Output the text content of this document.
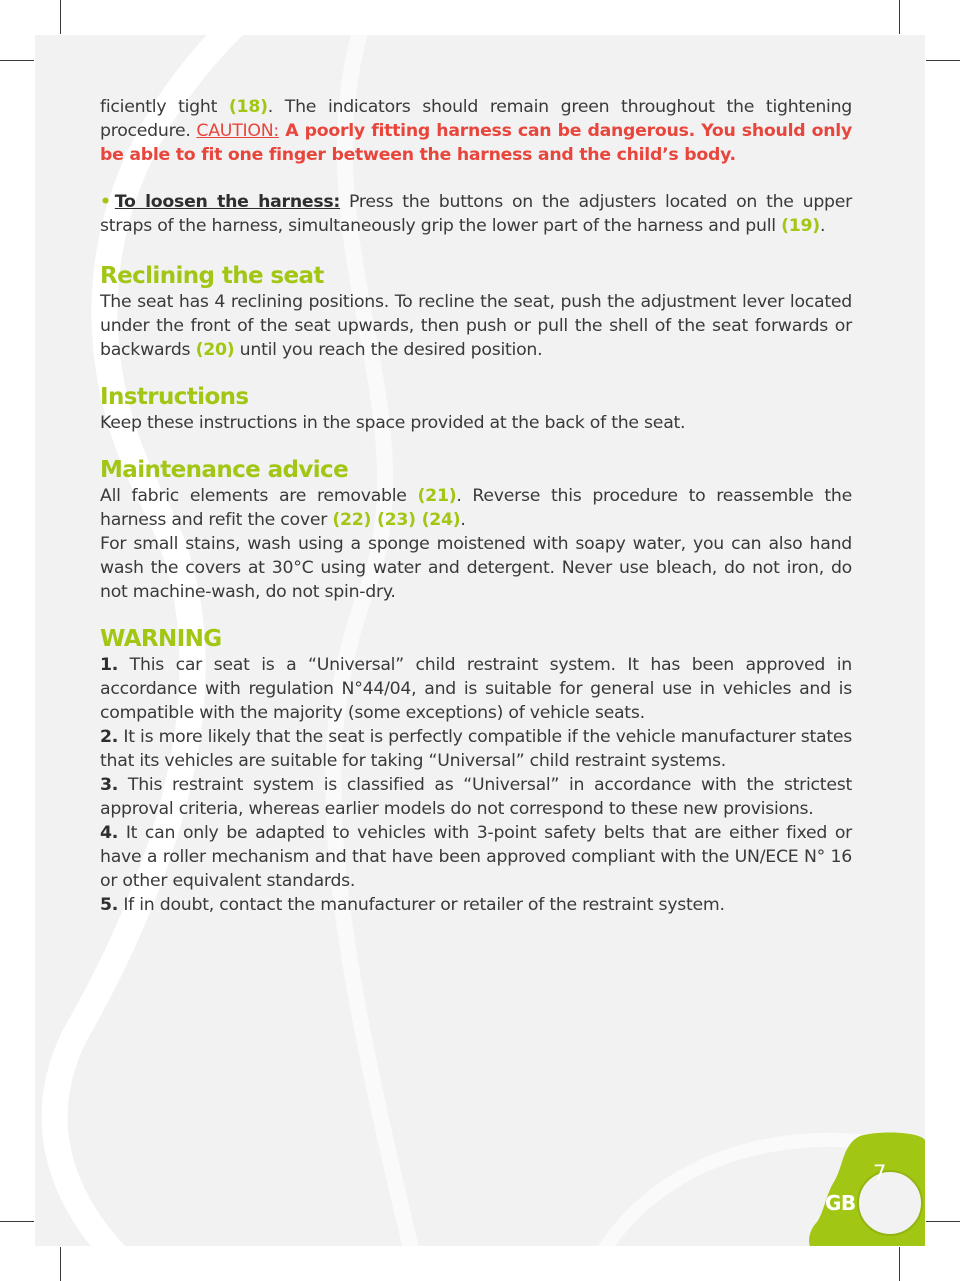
ficiently tight (18). The indicators should remain green throughout the tightening procedure. CAUTION: A poorly fitting harness can be dangerous. You should only be able to fit one finger between the harness and the child’s body.

• To loosen the harness: Press the buttons on the adjusters located on the upper straps of the harness, simultaneously grip the lower part of the harness and pull (19).

Reclining the seat

The seat has 4 reclining positions. To recline the seat, push the adjustment lever located under the front of the seat upwards, then push or pull the shell of the seat forwards or backwards (20) until you reach the desired position.

Instructions

Keep these instructions in the space provided at the back of the seat.

Maintenance advice

All fabric elements are removable (21). Reverse this procedure to reassemble the harness and refit the cover (22) (23) (24).

For small stains, wash using a sponge moistened with soapy water, you can also hand wash the covers at 30°C using water and detergent. Never use bleach, do not iron, do not machine-wash, do not spin-dry.

WARNING

1. This car seat is a “Universal” child restraint system. It has been approved in accordance with regulation N°44/04, and is suitable for general use in vehicles and is compatible with the majority (some exceptions) of vehicle seats.

2. It is more likely that the seat is perfectly compatible if the vehicle manufacturer states that its vehicles are suitable for taking “Universal” child restraint systems.

3. This restraint system is classified as “Universal” in accordance with the strictest approval criteria, whereas earlier models do not correspond to these new provisions.

4. It can only be adapted to vehicles with 3-point safety belts that are either fixed or have a roller mechanism and that have been approved compliant with the UN/ECE N° 16 or other equivalent standards.

5. If in doubt, contact the manufacturer or retailer of the restraint system.

7
GB
